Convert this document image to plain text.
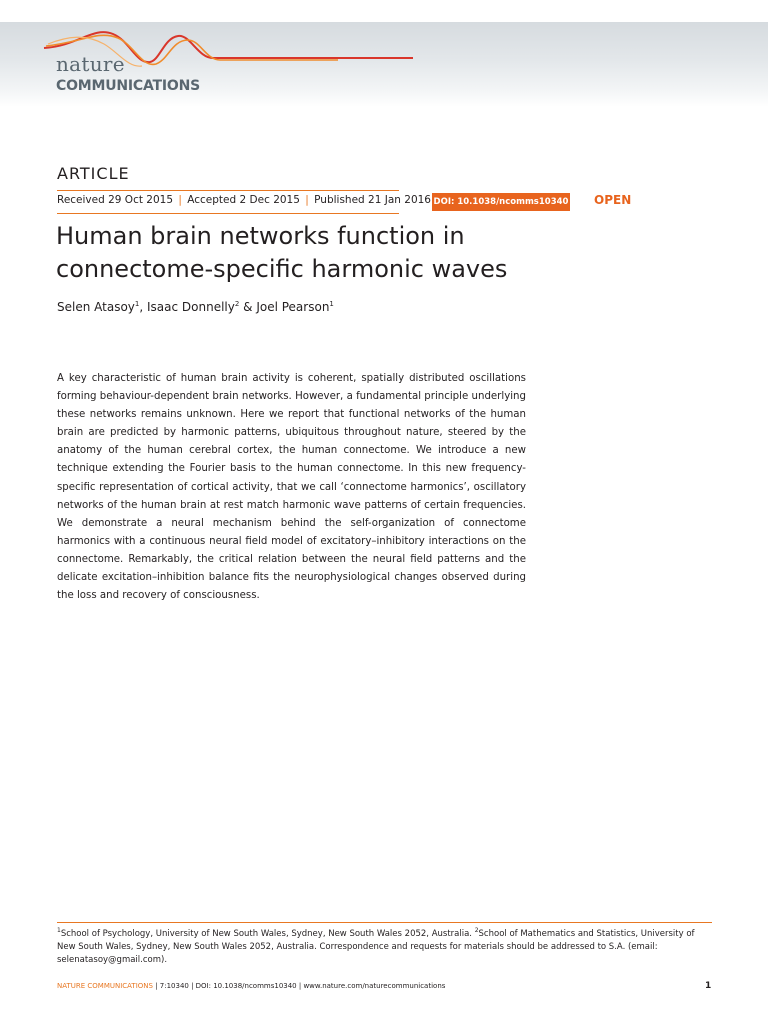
nature
COMMUNICATIONS
ARTICLE
Received 29 Oct 2015 | Accepted 2 Dec 2015 | Published 21 Jan 2016 DOI: 10.1038/ncomms10340 OPEN
Human brain networks function in connectome-specific harmonic waves
Selen Atasoy$^1$, Isaac Donnelly$^2$ & Joel Pearson$^1$

A key characteristic of human brain activity is coherent, spatially distributed oscillations forming behaviour-dependent brain networks. However, a fundamental principle underlying these networks remains unknown. Here we report that functional networks of the human brain are predicted by harmonic patterns, ubiquitous throughout nature, steered by the anatomy of the human cerebral cortex, the human connectome. We introduce a new technique extending the Fourier basis to the human connectome. In this new frequency-specific representation of cortical activity, that we call ‘connectome harmonics’, oscillatory networks of the human brain at rest match harmonic wave patterns of certain frequencies. We demonstrate a neural mechanism behind the self-organization of connectome harmonics with a continuous neural field model of excitatory–inhibitory interactions on the connectome. Remarkably, the critical relation between the neural field patterns and the delicate excitation–inhibition balance fits the neurophysiological changes observed during the loss and recovery of consciousness.

$^1$School of Psychology, University of New South Wales, Sydney, New South Wales 2052, Australia. $^2$School of Mathematics and Statistics, University of New South Wales, Sydney, New South Wales 2052, Australia. Correspondence and requests for materials should be addressed to S.A. (email: selenatasoy@gmail.com).

NATURE COMMUNICATIONS | 7:10340 | DOI: 10.1038/ncomms10340 | www.nature.com/naturecommunications	1
